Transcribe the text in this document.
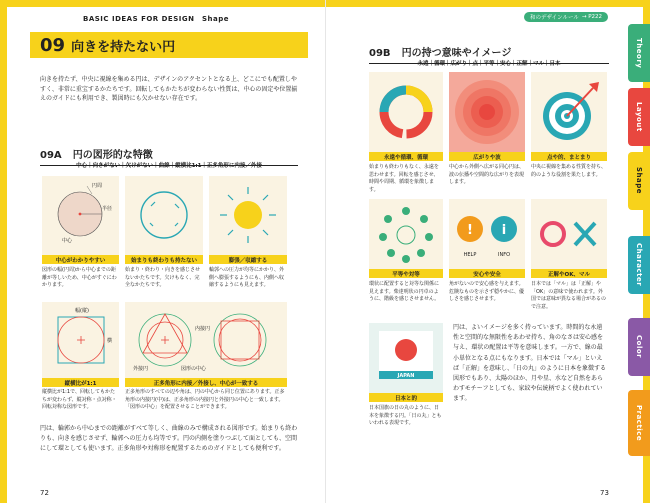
BASIC IDEAS FOR DESIGN　Shape
09 向きを持たない円
向きを持たず、中央に視線を集める円は、デザインのアクセントとなる上、どこにでも配置しやすく、非常に重宝するかたちです。回転してもかたちが変わらない性質は、中心の固定や位置揃えのガイドにも利用でき、製図時にも欠かせない存在です。
09A 円の図形的な特徴
中心｜向きがない｜欠けがない｜曲線｜縦横比1:1｜正多角形に内接／外接
円周
半径
中心
中心がわかりやすい
図形の幅(円周)から中心までの距離が等しいため、中心がすぐにわかります。
始まりも終わりも持たない
始まり・終わり・向きを感じさせないかたちです。欠けもなく、完全なかたちです。
膨張／収縮する
輪郭への圧力が均等にかかり、外側へ膨張するようにも、内側へ収縮するようにも見えます。
幅(縦)
横
縦横比が1:1
縦横比が1:1で、回転してもかたちが変わらず、縦対称・点対称・回転対称な図形です。
外接円
内接円
図形の中心
正多角形に内接／外接し、中心が一致する
正多角形のすべての辺や角は、円の中心から同じ位置にあります。正多角形の内接円(中)は、正多角形の内接円と外接円の中心と一致します。「図形の中心」を配置させることができます。
円は、輪郭から中心までの距離がすべて等しく、曲線のみで構成される図形です。始まりも終わりも、向きを感じさせず、輪郭への圧力も均等です。円の内側を塗りつぶして面としても、空間にして環としても使います。正多角形や対称形を配置するためのガイドとしても便利です。
72
和のデザインルール → P222
09B 円の持つ意味やイメージ
永遠｜循環｜広がり｜点｜平等｜安心｜正解｜マル｜日本
永遠や循環、循環
始まりも終わりもなく、永遠を思わせます。回転を感じさせ、時間や周期、循環を象徴します。
広がりや波
中心から外側へ広がる同心円は、波の伝播や空間的な広がりを表現します。
点や的、まとまり
中央に視線を集める性質を持ち、的のような役割を果たします。
平等や対等
環状に配置すると対等な関係に見えます。柴達明状の円卓のように、階級を感じさせません。
! i
HELP	INFO
安心や安全
角がないので安心感を与えます。危険なものを示さず穏やかに、優しさを感じさせます。
正解やOK、マル
日本では「マル」は「正解」や「OK」の意味で使われます。外国では意味が異なる場合があるので注意。
JAPAN
日本と的
日本国旗の日の丸のように、日本を象徴する円。「日の丸」ともいわれる表現です。
円は、よいイメージを多く持っています。時間的な永遠性と空間的な無限性をあわせ持ち、角のなさは安心感を与え、環状の配置は平等を意味します。一方で、線の最小単位となる点にもなります。日本では「マル」といえば「正解」を意味し、「日の丸」のように日本を象徴する図形でもあり、太陽のほか、月や星、水など自然をあらわすモチーフとしても、家紋や伝統柄でよく使われています。
73
Theory
Layout
Shape
Character
Color
Practice
